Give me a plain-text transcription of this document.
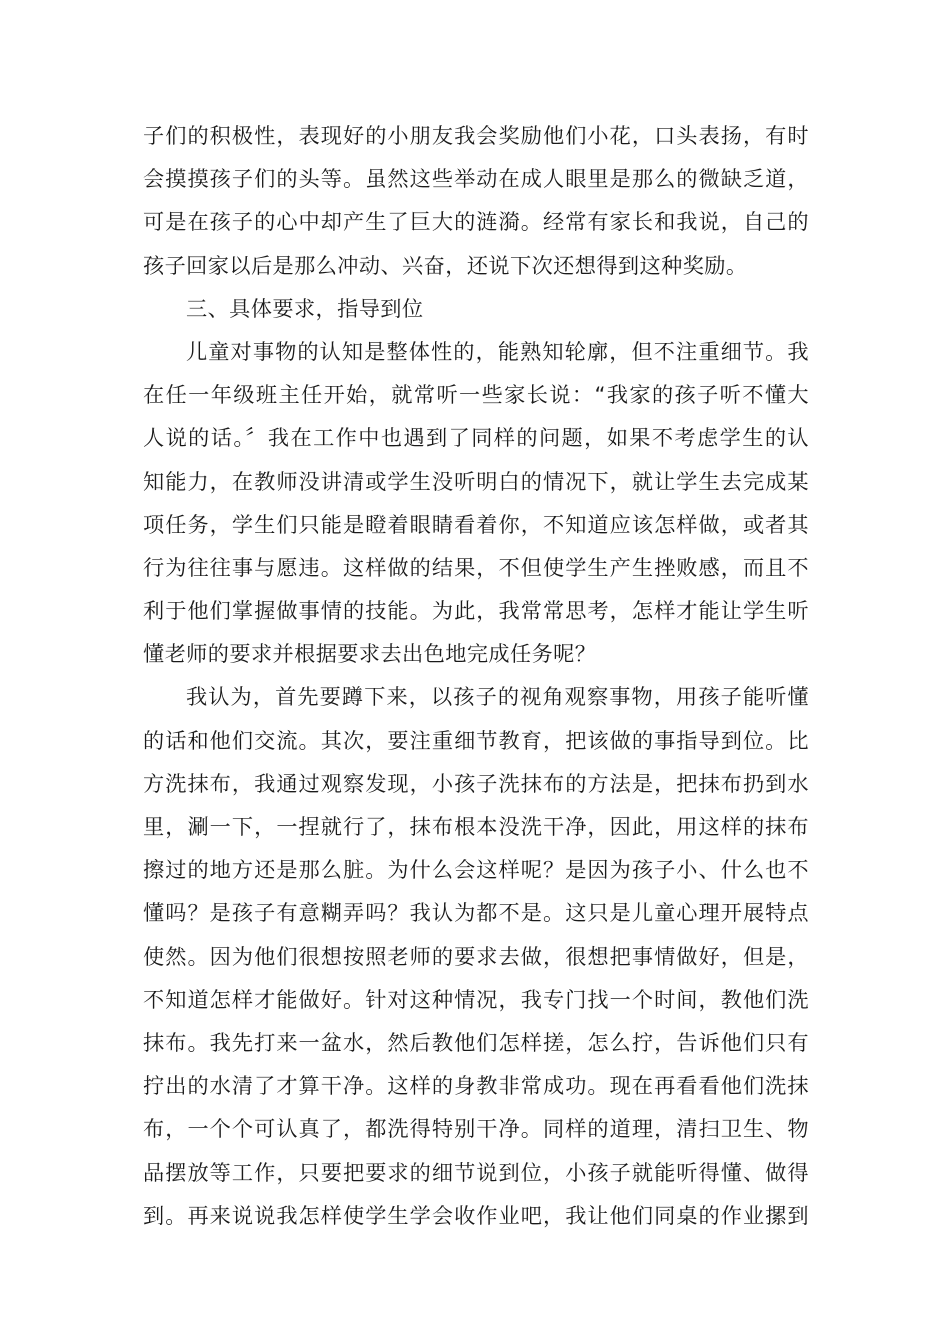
子们的积极性，表现好的小朋友我会奖励他们小花，口头表扬，有时
会摸摸孩子们的头等。虽然这些举动在成人眼里是那么的微缺乏道，
可是在孩子的心中却产生了巨大的涟漪。经常有家长和我说，自己的
孩子回家以后是那么冲动、兴奋，还说下次还想得到这种奖励。
三、具体要求，指导到位
儿童对事物的认知是整体性的，能熟知轮廓，但不注重细节。我
在任一年级班主任开始，就常听一些家长说：“我家的孩子听不懂大
人说的话。〞我在工作中也遇到了同样的问题，如果不考虑学生的认
知能力，在教师没讲清或学生没听明白的情况下，就让学生去完成某
项任务，学生们只能是瞪着眼睛看着你，不知道应该怎样做，或者其
行为往往事与愿违。这样做的结果，不但使学生产生挫败感，而且不
利于他们掌握做事情的技能。为此，我常常思考，怎样才能让学生听
懂老师的要求并根据要求去出色地完成任务呢？
我认为，首先要蹲下来，以孩子的视角观察事物，用孩子能听懂
的话和他们交流。其次，要注重细节教育，把该做的事指导到位。比
方洗抹布，我通过观察发现，小孩子洗抹布的方法是，把抹布扔到水
里，涮一下，一捏就行了，抹布根本没洗干净，因此，用这样的抹布
擦过的地方还是那么脏。为什么会这样呢？是因为孩子小、什么也不
懂吗？是孩子有意糊弄吗？我认为都不是。这只是儿童心理开展特点
使然。因为他们很想按照老师的要求去做，很想把事情做好，但是，
不知道怎样才能做好。针对这种情况，我专门找一个时间，教他们洗
抹布。我先打来一盆水，然后教他们怎样搓，怎么拧，告诉他们只有
拧出的水清了才算干净。这样的身教非常成功。现在再看看他们洗抹
布，一个个可认真了，都洗得特别干净。同样的道理，清扫卫生、物
品摆放等工作，只要把要求的细节说到位，小孩子就能听得懂、做得
到。再来说说我怎样使学生学会收作业吧，我让他们同桌的作业摞到
